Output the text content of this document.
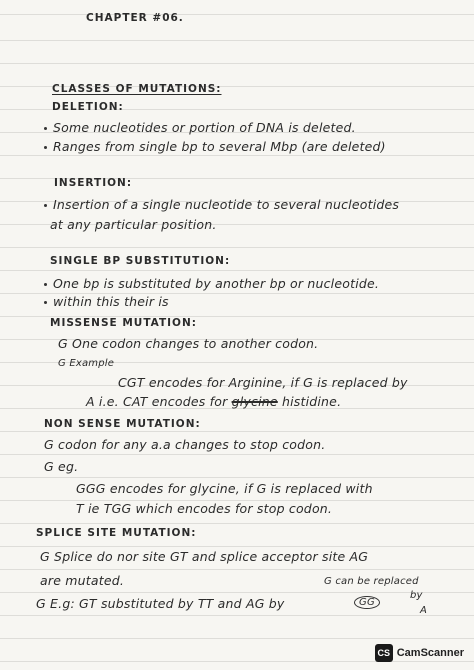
CHAPTER #06.
CLASSES OF MUTATIONS:
DELETION:
Some nucleotides or portion of DNA is deleted.
Ranges from single bp to several Mbp (are deleted)
INSERTION:
Insertion of a single nucleotide to several nucleotides
at any particular position.
SINGLE BP SUBSTITUTION:
One bp is substituted by another bp or nucleotide.
within this their is
MISSENSE MUTATION:
G One codon changes to another codon.
G Example
CGT encodes for Arginine, if G is replaced by
A i.e. CAT encodes for glycine histidine.
NON SENSE MUTATION:
G codon for any a.a changes to stop codon.
G eg.
GGG encodes for glycine, if G is replaced with
T ie TGG which encodes for stop codon.
SPLICE SITE MUTATION:
G Splice do nor site GT and splice acceptor site AG
are mutated.	G can be replaced
G E.g: GT substituted by TT and AG by	GG
by
A
CS CamScanner
